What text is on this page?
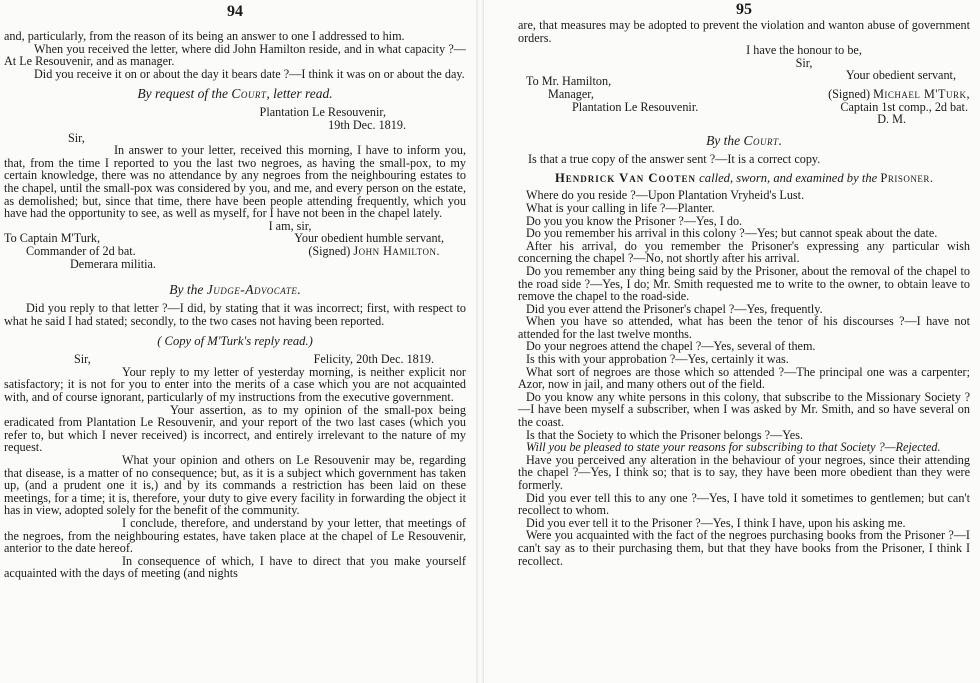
94

and, particularly, from the reason of its being an answer to one I addressed to him.

When you received the letter, where did John Hamilton reside, and in what capacity ?—At Le Resouvenir, and as manager.

Did you receive it on or about the day it bears date ?—I think it was on or about the day.

By request of the Court, letter read.

Plantation Le Resouvenir,

19th Dec. 1819.

Sir,

In answer to your letter, received this morning, I have to inform you, that, from the time I reported to you the last two negroes, as having the small-pox, to my certain knowledge, there was no attendance by any negroes from the neighbouring estates to the chapel, until the small-pox was considered by you, and me, and every person on the estate, as demolished; but, since that time, there have been people attending frequently, which you have had the opportunity to see, as well as myself, for I have not been in the chapel lately.

I am, sir,

To Captain M'Turk,	Your obedient humble servant,
Commander of 2d bat.	(Signed) John Hamilton.

Demerara militia.

By the Judge-Advocate.

Did you reply to that letter ?—I did, by stating that it was incorrect; first, with respect to what he said I had stated; secondly, to the two cases not having been reported.

( Copy of M'Turk's reply read.)
Sir,	Felicity, 20th Dec. 1819.

Your reply to my letter of yesterday morning, is neither explicit nor satisfactory; it is not for you to enter into the merits of a case which you are not acquainted with, and of course ignorant, particularly of my instructions from the executive government.

Your assertion, as to my opinion of the small-pox being eradicated from Plantation Le Resouvenir, and your report of the two last cases (which you refer to, but which I never received) is incorrect, and entirely irrelevant to the nature of my request.

What your opinion and others on Le Resouvenir may be, regarding that disease, is a matter of no consequence; but, as it is a subject which government has taken up, (and a prudent one it is,) and by its commands a restriction has been laid on these meetings, for a time; it is, therefore, your duty to give every facility in forwarding the object it has in view, adopted solely for the benefit of the community.

I conclude, therefore, and understand by your letter, that meetings of the negroes, from the neighbouring estates, have taken place at the chapel of Le Resouvenir, anterior to the date hereof.

In consequence of which, I have to direct that you make yourself acquainted with the days of meeting (and nights

95

are, that measures may be adopted to prevent the violation and wanton abuse of government orders.

I have the honour to be,

Sir,

To Mr. Hamilton,	Your obedient servant,
Manager,	(Signed) Michael M'Turk,
Plantation Le Resouvenir.	Captain 1st comp., 2d bat.

D. M.

By the Court.

Is that a true copy of the answer sent ?—It is a correct copy.

Hendrick Van Cooten called, sworn, and examined by the Prisoner.

Where do you reside ?—Upon Plantation Vryheid's Lust.

What is your calling in life ?—Planter.

Do you you know the Prisoner ?—Yes, I do.

Do you remember his arrival in this colony ?—Yes; but cannot speak about the date.

After his arrival, do you remember the Prisoner's expressing any particular wish concerning the chapel ?—No, not shortly after his arrival.

Do you remember any thing being said by the Prisoner, about the removal of the chapel to the road side ?—Yes, I do; Mr. Smith requested me to write to the owner, to obtain leave to remove the chapel to the road-side.

Did you ever attend the Prisoner's chapel ?—Yes, frequently.

When you have so attended, what has been the tenor of his discourses ?—I have not attended for the last twelve months.

Do your negroes attend the chapel ?—Yes, several of them.

Is this with your approbation ?—Yes, certainly it was.

What sort of negroes are those which so attended ?—The principal one was a carpenter; Azor, now in jail, and many others out of the field.

Do you know any white persons in this colony, that subscribe to the Missionary Society ?—I have been myself a subscriber, when I was asked by Mr. Smith, and so have several on the coast.

Is that the Society to which the Prisoner belongs ?—Yes.

Will you be pleased to state your reasons for subscribing to that Society ?—Rejected.

Have you perceived any alteration in the behaviour of your negroes, since their attending the chapel ?—Yes, I think so; that is to say, they have been more obedient than they were formerly.

Did you ever tell this to any one ?—Yes, I have told it sometimes to gentlemen; but can't recollect to whom.

Did you ever tell it to the Prisoner ?—Yes, I think I have, upon his asking me.

Were you acquainted with the fact of the negroes purchasing books from the Prisoner ?—I can't say as to their purchasing them, but that they have books from the Prisoner, I think I recollect.
